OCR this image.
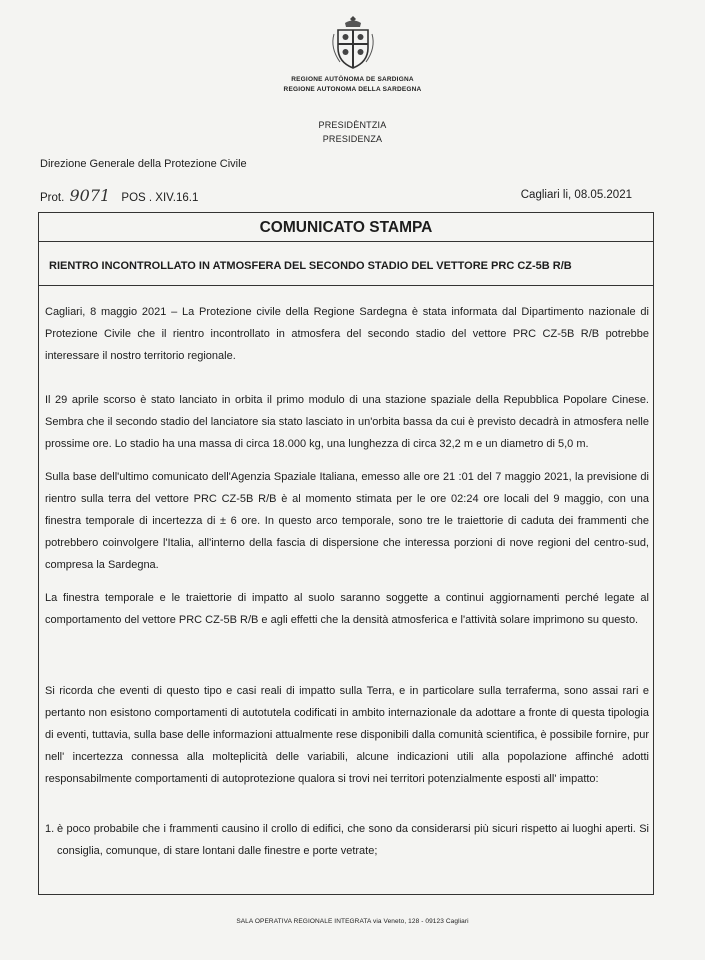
REGIONE AUTÒNOMA DE SARDIGNA
REGIONE AUTONOMA DELLA SARDEGNA
PRESIDÈNTZIA
PRESIDENZA
Direzione Generale della Protezione Civile
Prot. 9071 POS . XIV.16.1	Cagliari li, 08.05.2021
COMUNICATO STAMPA
RIENTRO INCONTROLLATO IN ATMOSFERA DEL SECONDO STADIO DEL VETTORE PRC CZ-5B R/B

Cagliari, 8 maggio 2021 – La Protezione civile della Regione Sardegna è stata informata dal Dipartimento nazionale di Protezione Civile che il rientro incontrollato in atmosfera del secondo stadio del vettore PRC CZ-5B R/B potrebbe interessare il nostro territorio regionale.

Il 29 aprile scorso è stato lanciato in orbita il primo modulo di una stazione spaziale della Repubblica Popolare Cinese. Sembra che il secondo stadio del lanciatore sia stato lasciato in un'orbita bassa da cui è previsto decadrà in atmosfera nelle prossime ore. Lo stadio ha una massa di circa 18.000 kg, una lunghezza di circa 32,2 m e un diametro di 5,0 m.

Sulla base dell'ultimo comunicato dell'Agenzia Spaziale Italiana, emesso alle ore 21 :01 del 7 maggio 2021, la previsione di rientro sulla terra del vettore PRC CZ-5B R/B è al momento stimata per le ore 02:24 ore locali del 9 maggio, con una finestra temporale di incertezza di ± 6 ore. In questo arco temporale, sono tre le traiettorie di caduta dei frammenti che potrebbero coinvolgere l'Italia, all'interno della fascia di dispersione che interessa porzioni di nove regioni del centro-sud, compresa la Sardegna.

La finestra temporale e le traiettorie di impatto al suolo saranno soggette a continui aggiornamenti perché legate al comportamento del vettore PRC CZ-5B R/B e agli effetti che la densità atmosferica e l'attività solare imprimono su questo.

Si ricorda che eventi di questo tipo e casi reali di impatto sulla Terra, e in particolare sulla terraferma, sono assai rari e pertanto non esistono comportamenti di autotutela codificati in ambito internazionale da adottare a fronte di questa tipologia di eventi, tuttavia, sulla base delle informazioni attualmente rese disponibili dalla comunità scientifica, è possibile fornire, pur nell' incertezza connessa alla molteplicità delle variabili, alcune indicazioni utili alla popolazione affinché adotti responsabilmente comportamenti di autoprotezione qualora si trovi nei territori potenzialmente esposti all' impatto:

1. è poco probabile che i frammenti causino il crollo di edifici, che sono da considerarsi più sicuri rispetto ai luoghi aperti. Si consiglia, comunque, di stare lontani dalle finestre e porte vetrate;
SALA OPERATIVA REGIONALE INTEGRATA via Veneto, 128 - 09123 Cagliari
